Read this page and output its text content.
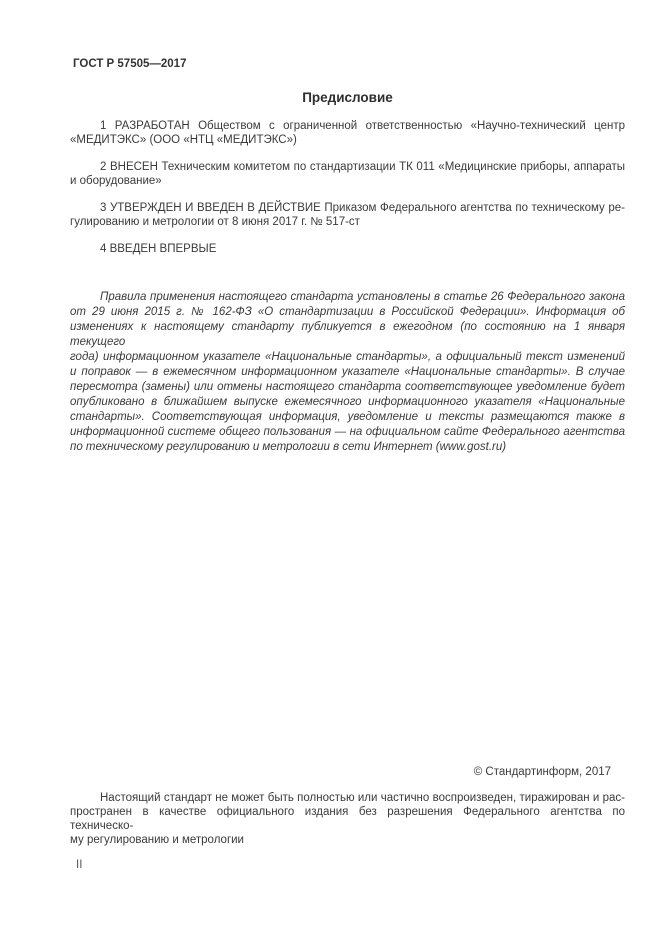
ГОСТ Р 57505—2017
Предисловие
1 РАЗРАБОТАН Обществом с ограниченной ответственностью «Научно-технический центр
«МЕДИТЭКС» (ООО «НТЦ «МЕДИТЭКС»)
2 ВНЕСЕН Техническим комитетом по стандартизации ТК 011 «Медицинские приборы, аппараты
и оборудование»
3 УТВЕРЖДЕН И ВВЕДЕН В ДЕЙСТВИЕ Приказом Федерального агентства по техническому ре-
гулированию и метрологии от 8 июня 2017 г. № 517-ст
4 ВВЕДЕН ВПЕРВЫЕ
Правила применения настоящего стандарта установлены в статье 26 Федерального закона
от 29 июня 2015 г. № 162-ФЗ «О стандартизации в Российской Федерации». Информация об
изменениях к настоящему стандарту публикуется в ежегодном (по состоянию на 1 января текущего
года) информационном указателе «Национальные стандарты», а официальный текст изменений
и поправок — в ежемесячном информационном указателе «Национальные стандарты». В случае
пересмотра (замены) или отмены настоящего стандарта соответствующее уведомление будет
опубликовано в ближайшем выпуске ежемесячного информационного указателя «Национальные
стандарты». Соответствующая информация, уведомление и тексты размещаются также в
информационной системе общего пользования — на официальном сайте Федерального агентства
по техническому регулированию и метрологии в сети Интернет (www.gost.ru)
© Стандартинформ, 2017
Настоящий стандарт не может быть полностью или частично воспроизведен, тиражирован и рас-
пространен в качестве официального издания без разрешения Федерального агентства по техническо-
му регулированию и метрологии
II
